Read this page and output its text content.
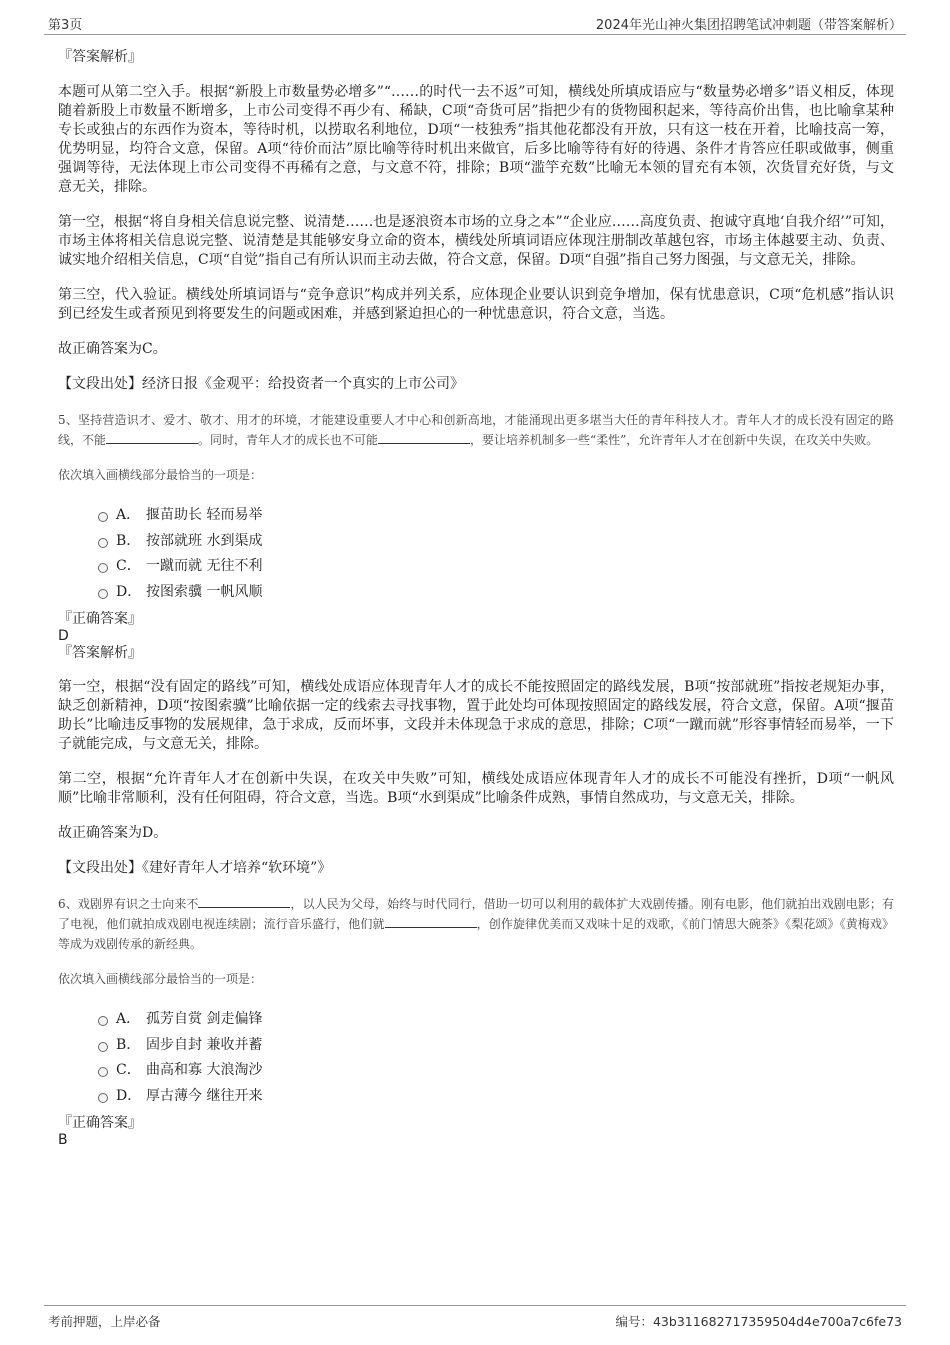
第3页	2024年光山神火集团招聘笔试冲刺题（带答案解析）

『答案解析』

本题可从第二空入手。根据“新股上市数量势必增多”“……的时代一去不返”可知，横线处所填成语应与“数量势必增多”语义相反，体现随着新股上市数量不断增多，上市公司变得不再少有、稀缺，C项“奇货可居”指把少有的货物囤积起来，等待高价出售，也比喻拿某种专长或独占的东西作为资本，等待时机，以捞取名利地位，D项“一枝独秀”指其他花都没有开放，只有这一枝在开着，比喻技高一筹，优势明显，均符合文意，保留。A项“待价而沽”原比喻等待时机出来做官，后多比喻等待有好的待遇、条件才肯答应任职或做事，侧重强调等待，无法体现上市公司变得不再稀有之意，与文意不符，排除；B项“滥竽充数”比喻无本领的冒充有本领，次货冒充好货，与文意无关，排除。

第一空，根据“将自身相关信息说完整、说清楚……也是逐浪资本市场的立身之本”“企业应……高度负责、抱诚守真地‘自我介绍’”可知，市场主体将相关信息说完整、说清楚是其能够安身立命的资本，横线处所填词语应体现注册制改革越包容，市场主体越要主动、负责、诚实地介绍相关信息，C项“自觉”指自己有所认识而主动去做，符合文意，保留。D项“自强”指自己努力图强，与文意无关，排除。

第三空，代入验证。横线处所填词语与“竞争意识”构成并列关系，应体现企业要认识到竞争增加，保有忧患意识，C项“危机感”指认识到已经发生或者预见到将要发生的问题或困难，并感到紧迫担心的一种忧患意识，符合文意，当选。

故正确答案为C。

【文段出处】经济日报《金观平：给投资者一个真实的上市公司》

5、坚持营造识才、爱才、敬才、用才的环境，才能建设重要人才中心和创新高地，才能涌现出更多堪当大任的青年科技人才。青年人才的成长没有固定的路线，不能	。同时，青年人才的成长也不可能	，要让培养机制多一些“柔性”，允许青年人才在创新中失误，在攻关中失败。

依次填入画横线部分最恰当的一项是：

A． 揠苗助长 轻而易举
B． 按部就班 水到渠成
C． 一蹴而就 无往不利
D． 按图索骥 一帆风顺

『正确答案』

D

『答案解析』

第一空，根据“没有固定的路线”可知，横线处成语应体现青年人才的成长不能按照固定的路线发展，B项“按部就班”指按老规矩办事，缺乏创新精神，D项“按图索骥”比喻依据一定的线索去寻找事物，置于此处均可体现按照固定的路线发展，符合文意，保留。A项“揠苗助长”比喻违反事物的发展规律，急于求成，反而坏事，文段并未体现急于求成的意思，排除；C项“一蹴而就”形容事情轻而易举，一下子就能完成，与文意无关，排除。

第二空，根据“允许青年人才在创新中失误，在攻关中失败”可知，横线处成语应体现青年人才的成长不可能没有挫折，D项“一帆风顺”比喻非常顺利，没有任何阻碍，符合文意，当选。B项“水到渠成”比喻条件成熟，事情自然成功，与文意无关，排除。

故正确答案为D。

【文段出处】《建好青年人才培养“软环境”》

6、戏剧界有识之士向来不	，以人民为父母，始终与时代同行，借助一切可以利用的载体扩大戏剧传播。刚有电影，他们就拍出戏剧电影；有了电视，他们就拍成戏剧电视连续剧；流行音乐盛行，他们就	，创作旋律优美而又戏味十足的戏歌，《前门情思大碗茶》《梨花颂》《黄梅戏》等成为戏剧传承的新经典。

依次填入画横线部分最恰当的一项是：

A． 孤芳自赏 剑走偏锋
B． 固步自封 兼收并蓄
C． 曲高和寡 大浪淘沙
D． 厚古薄今 继往开来

『正确答案』

B

考前押题，上岸必备	编号：43b311682717359504d4e700a7c6fe73
